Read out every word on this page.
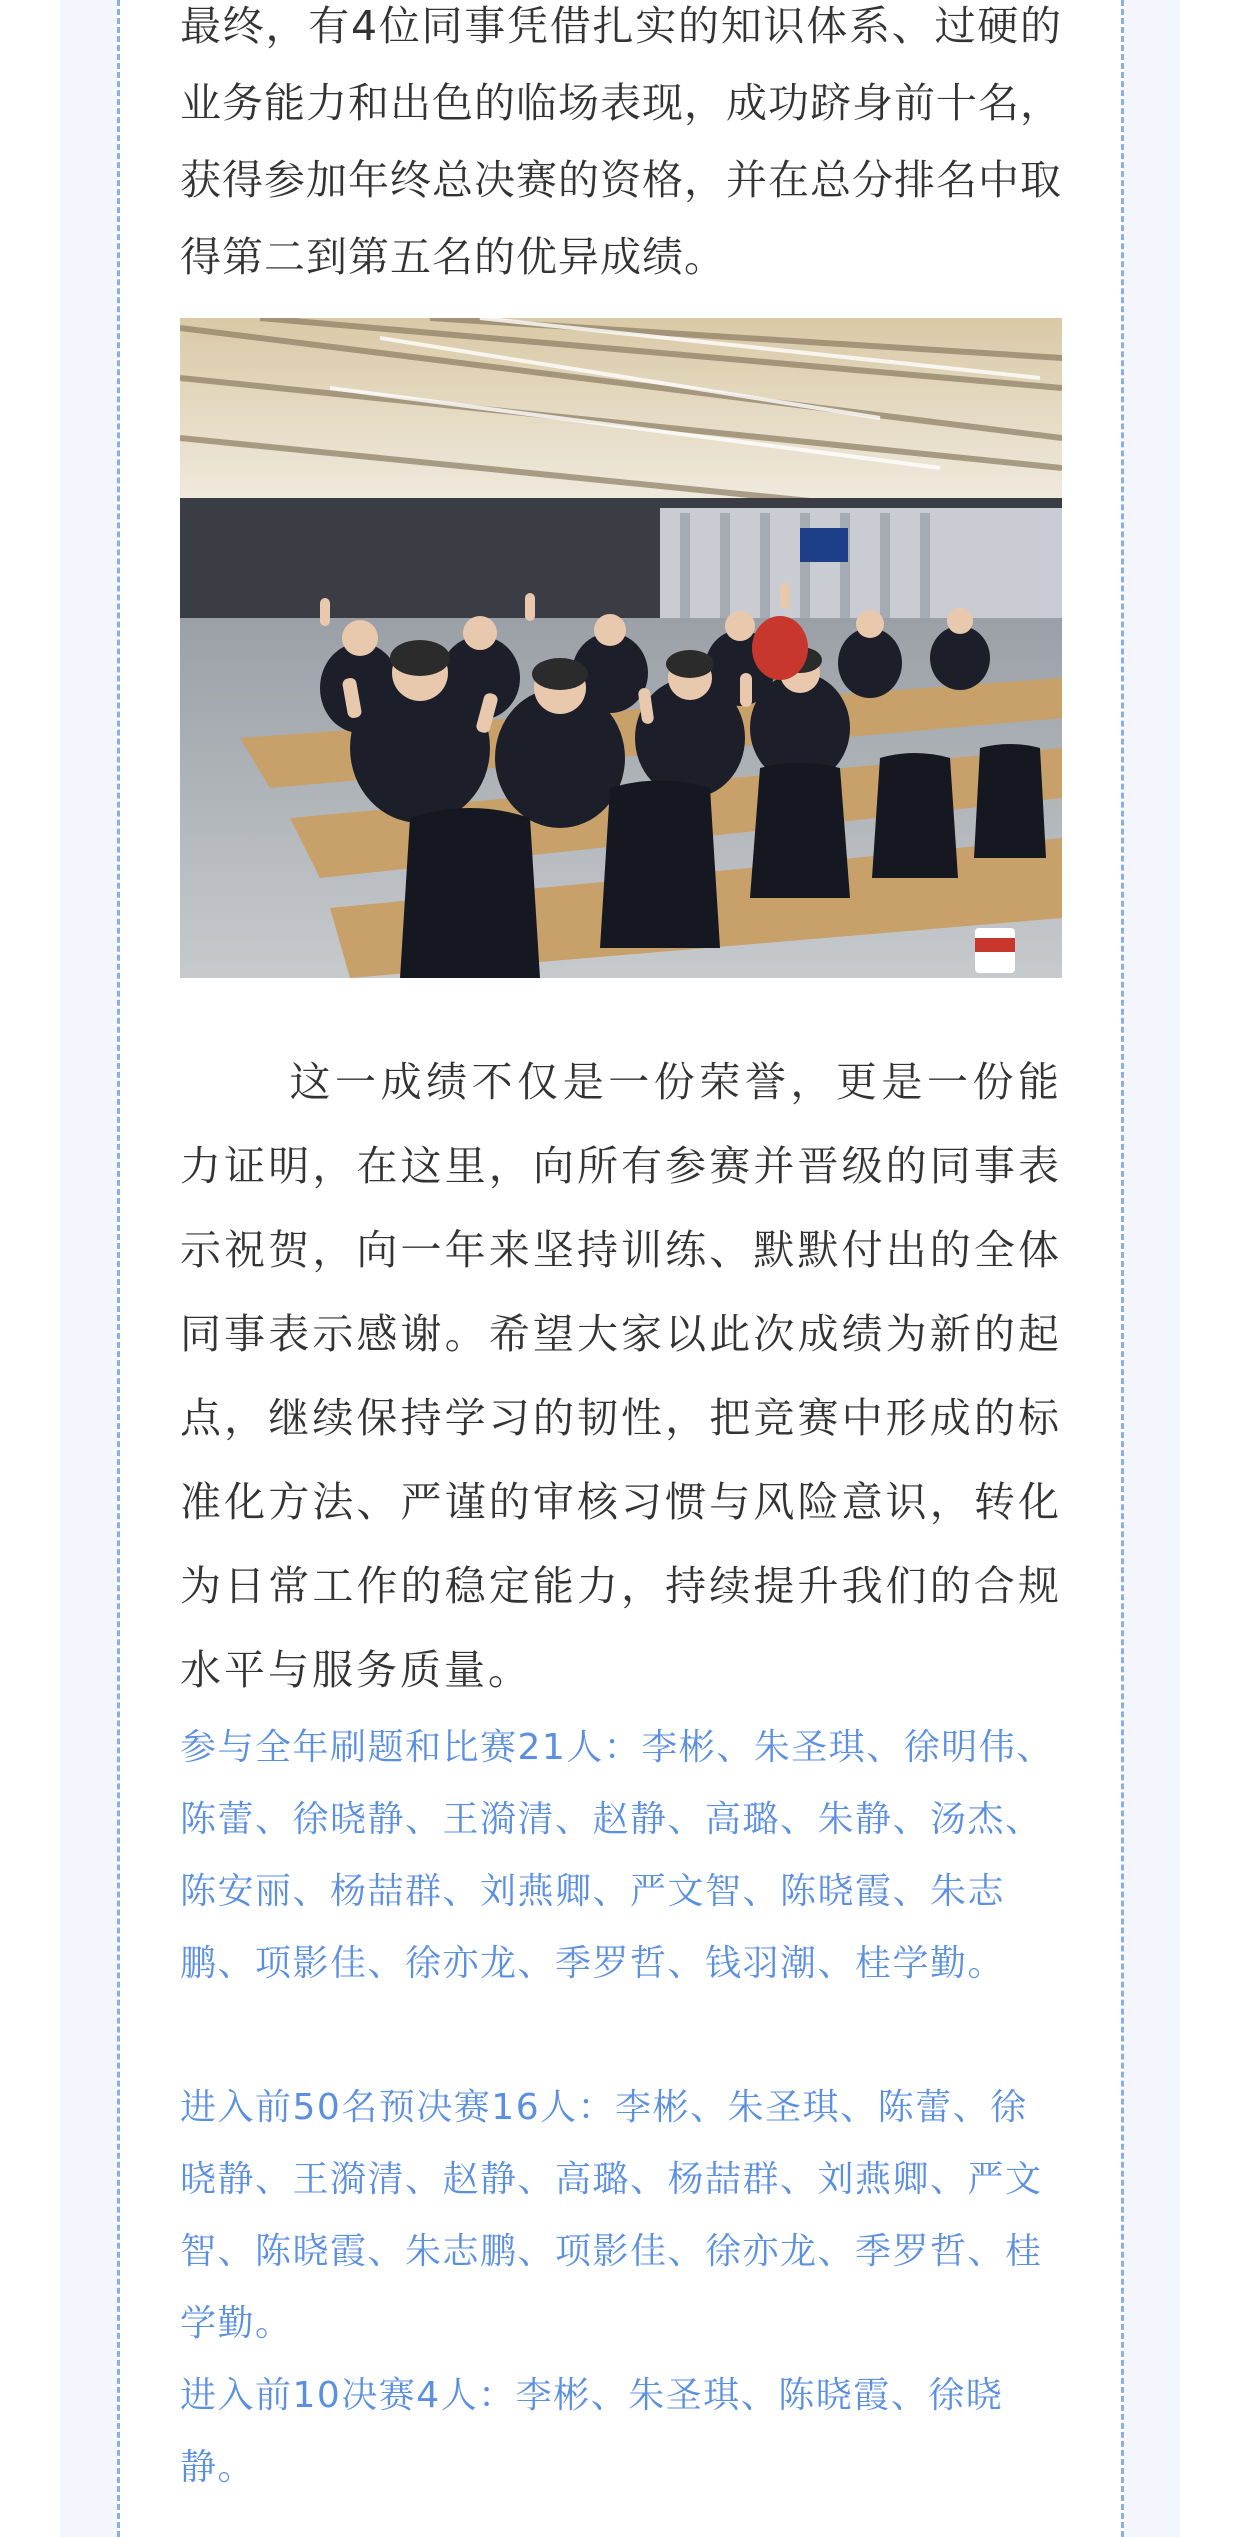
最终，有4位同事凭借扎实的知识体系、过硬的业务能力和出色的临场表现，成功跻身前十名，获得参加年终总决赛的资格，并在总分排名中取得第二到第五名的优异成绩。
这一成绩不仅是一份荣誉，更是一份能力证明，在这里，向所有参赛并晋级的同事表示祝贺，向一年来坚持训练、默默付出的全体同事表示感谢。希望大家以此次成绩为新的起点，继续保持学习的韧性，把竞赛中形成的标准化方法、严谨的审核习惯与风险意识，转化为日常工作的稳定能力，持续提升我们的合规水平与服务质量。
参与全年刷题和比赛21人：李彬、朱圣琪、徐明伟、陈蕾、徐晓静、王漪清、赵静、高璐、朱静、汤杰、陈安丽、杨喆群、刘燕卿、严文智、陈晓霞、朱志鹏、项影佳、徐亦龙、季罗哲、钱羽潮、桂学勤。
进入前50名预决赛16人：李彬、朱圣琪、陈蕾、徐晓静、王漪清、赵静、高璐、杨喆群、刘燕卿、严文智、陈晓霞、朱志鹏、项影佳、徐亦龙、季罗哲、桂学勤。
进入前10决赛4人：李彬、朱圣琪、陈晓霞、徐晓静。
